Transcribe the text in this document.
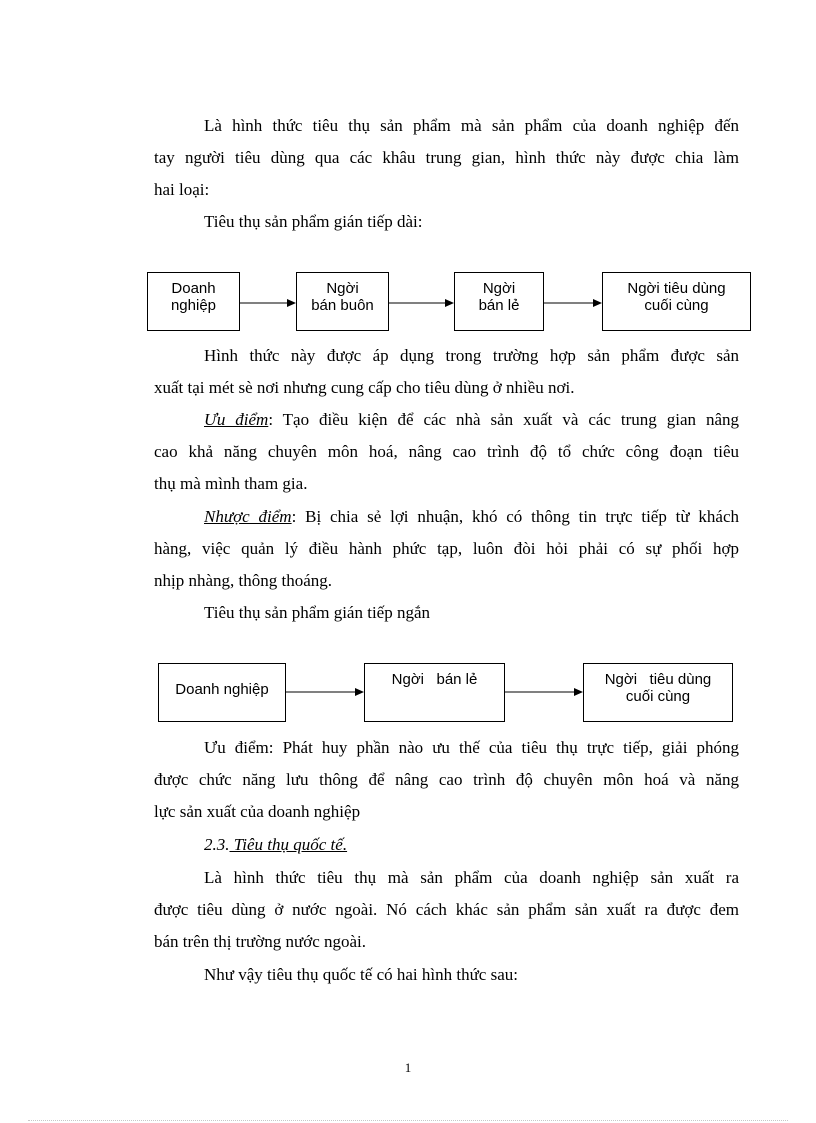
Là hình thức tiêu thụ sản phẩm mà sản phẩm của doanh nghiệp đến

tay người tiêu dùng qua các khâu trung gian, hình thức này được chia làm

hai loại:

Tiêu thụ sản phẩm gián tiếp dài:

Doanh
nghiệp
Ngời
bán buôn
Ngời
bán lẻ
Ngời tiêu dùng
cuối cùng

Hình thức này được áp dụng trong trường hợp sản phẩm được sản

xuất tại mét sè nơi nhưng cung cấp cho tiêu dùng ở nhiều nơi.

Ưu điểm: Tạo điều kiện để các nhà sản xuất và các trung gian nâng

cao khả năng chuyên môn hoá, nâng cao trình độ tổ chức công đoạn tiêu

thụ mà mình tham gia.

Nhược điểm: Bị chia sẻ lợi nhuận, khó có thông tin trực tiếp từ khách

hàng, việc quản lý điều hành phức tạp, luôn đòi hỏi phải có sự phối hợp

nhịp nhàng, thông thoáng.

Tiêu thụ sản phẩm gián tiếp ngắn

Doanh nghiệp
Ngời   bán lẻ	Ngời   tiêu dùng
cuối cùng

Ưu điểm: Phát huy phần nào ưu thế của tiêu thụ trực tiếp, giải phóng

được chức năng lưu thông để nâng cao trình độ chuyên môn hoá và năng

lực sản xuất của doanh nghiệp

2.3. Tiêu thụ quốc tế.

Là hình thức tiêu thụ mà sản phẩm của doanh nghiệp sản xuất ra

được tiêu dùng ở nước ngoài. Nó cách khác sản phẩm sản xuất ra được đem

bán trên thị trường nước ngoài.

Như vậy tiêu thụ quốc tế có hai hình thức sau:

1
